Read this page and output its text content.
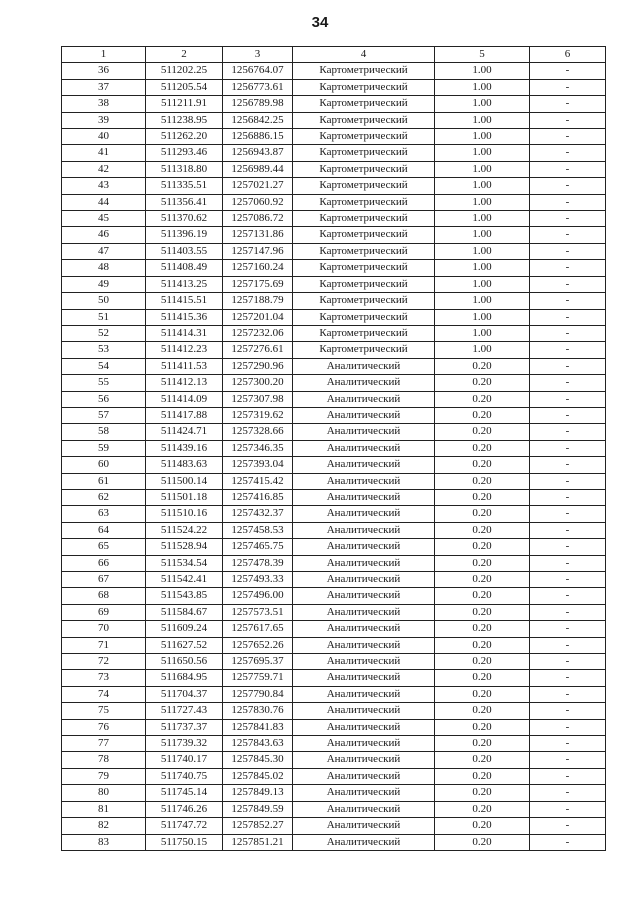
34
1	2	3	4	5	6
36	511202.25	1256764.07	Картометрический	1.00	-
37	511205.54	1256773.61	Картометрический	1.00	-
38	511211.91	1256789.98	Картометрический	1.00	-
39	511238.95	1256842.25	Картометрический	1.00	-
40	511262.20	1256886.15	Картометрический	1.00	-
41	511293.46	1256943.87	Картометрический	1.00	-
42	511318.80	1256989.44	Картометрический	1.00	-
43	511335.51	1257021.27	Картометрический	1.00	-
44	511356.41	1257060.92	Картометрический	1.00	-
45	511370.62	1257086.72	Картометрический	1.00	-
46	511396.19	1257131.86	Картометрический	1.00	-
47	511403.55	1257147.96	Картометрический	1.00	-
48	511408.49	1257160.24	Картометрический	1.00	-
49	511413.25	1257175.69	Картометрический	1.00	-
50	511415.51	1257188.79	Картометрический	1.00	-
51	511415.36	1257201.04	Картометрический	1.00	-
52	511414.31	1257232.06	Картометрический	1.00	-
53	511412.23	1257276.61	Картометрический	1.00	-
54	511411.53	1257290.96	Аналитический	0.20	-
55	511412.13	1257300.20	Аналитический	0.20	-
56	511414.09	1257307.98	Аналитический	0.20	-
57	511417.88	1257319.62	Аналитический	0.20	-
58	511424.71	1257328.66	Аналитический	0.20	-
59	511439.16	1257346.35	Аналитический	0.20	-
60	511483.63	1257393.04	Аналитический	0.20	-
61	511500.14	1257415.42	Аналитический	0.20	-
62	511501.18	1257416.85	Аналитический	0.20	-
63	511510.16	1257432.37	Аналитический	0.20	-
64	511524.22	1257458.53	Аналитический	0.20	-
65	511528.94	1257465.75	Аналитический	0.20	-
66	511534.54	1257478.39	Аналитический	0.20	-
67	511542.41	1257493.33	Аналитический	0.20	-
68	511543.85	1257496.00	Аналитический	0.20	-
69	511584.67	1257573.51	Аналитический	0.20	-
70	511609.24	1257617.65	Аналитический	0.20	-
71	511627.52	1257652.26	Аналитический	0.20	-
72	511650.56	1257695.37	Аналитический	0.20	-
73	511684.95	1257759.71	Аналитический	0.20	-
74	511704.37	1257790.84	Аналитический	0.20	-
75	511727.43	1257830.76	Аналитический	0.20	-
76	511737.37	1257841.83	Аналитический	0.20	-
77	511739.32	1257843.63	Аналитический	0.20	-
78	511740.17	1257845.30	Аналитический	0.20	-
79	511740.75	1257845.02	Аналитический	0.20	-
80	511745.14	1257849.13	Аналитический	0.20	-
81	511746.26	1257849.59	Аналитический	0.20	-
82	511747.72	1257852.27	Аналитический	0.20	-
83	511750.15	1257851.21	Аналитический	0.20	-
